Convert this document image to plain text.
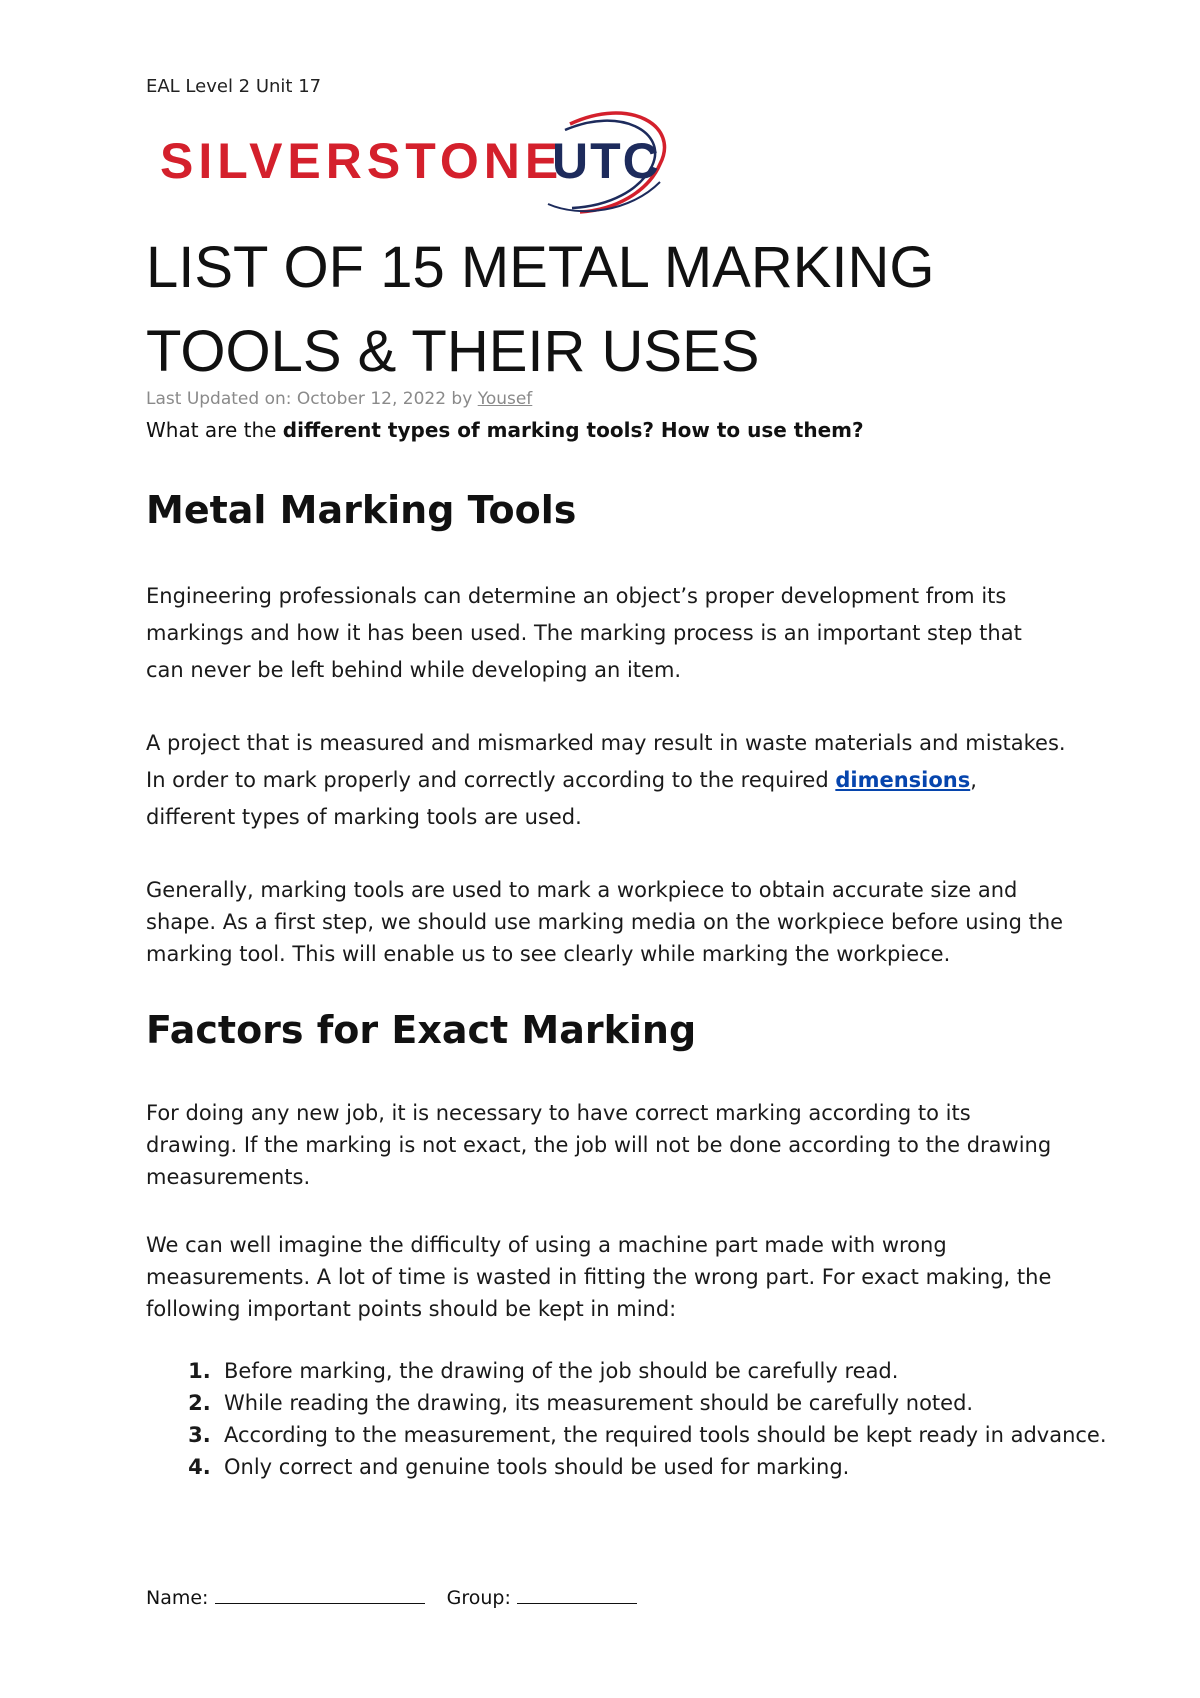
EAL Level 2 Unit 17
SILVERSTONE
UTC
LIST OF 15 METAL MARKING
TOOLS & THEIR USES
Last Updated on: October 12, 2022 by Yousef
What are the different types of marking tools? How to use them?
Metal Marking Tools
Engineering professionals can determine an object’s proper development from its markings and how it has been used. The marking process is an important step that can never be left behind while developing an item.
A project that is measured and mismarked may result in waste materials and mistakes. In order to mark properly and correctly according to the required dimensions, different types of marking tools are used.
Generally, marking tools are used to mark a workpiece to obtain accurate size and shape. As a first step, we should use marking media on the workpiece before using the marking tool. This will enable us to see clearly while marking the workpiece.
Factors for Exact Marking
For doing any new job, it is necessary to have correct marking according to its drawing. If the marking is not exact, the job will not be done according to the drawing measurements.
We can well imagine the difficulty of using a machine part made with wrong measurements. A lot of time is wasted in fitting the wrong part. For exact making, the following important points should be kept in mind:
1. Before marking, the drawing of the job should be carefully read.
2. While reading the drawing, its measurement should be carefully noted.
3. According to the measurement, the required tools should be kept ready in advance.
4. Only correct and genuine tools should be used for marking.
Name:	Group:
